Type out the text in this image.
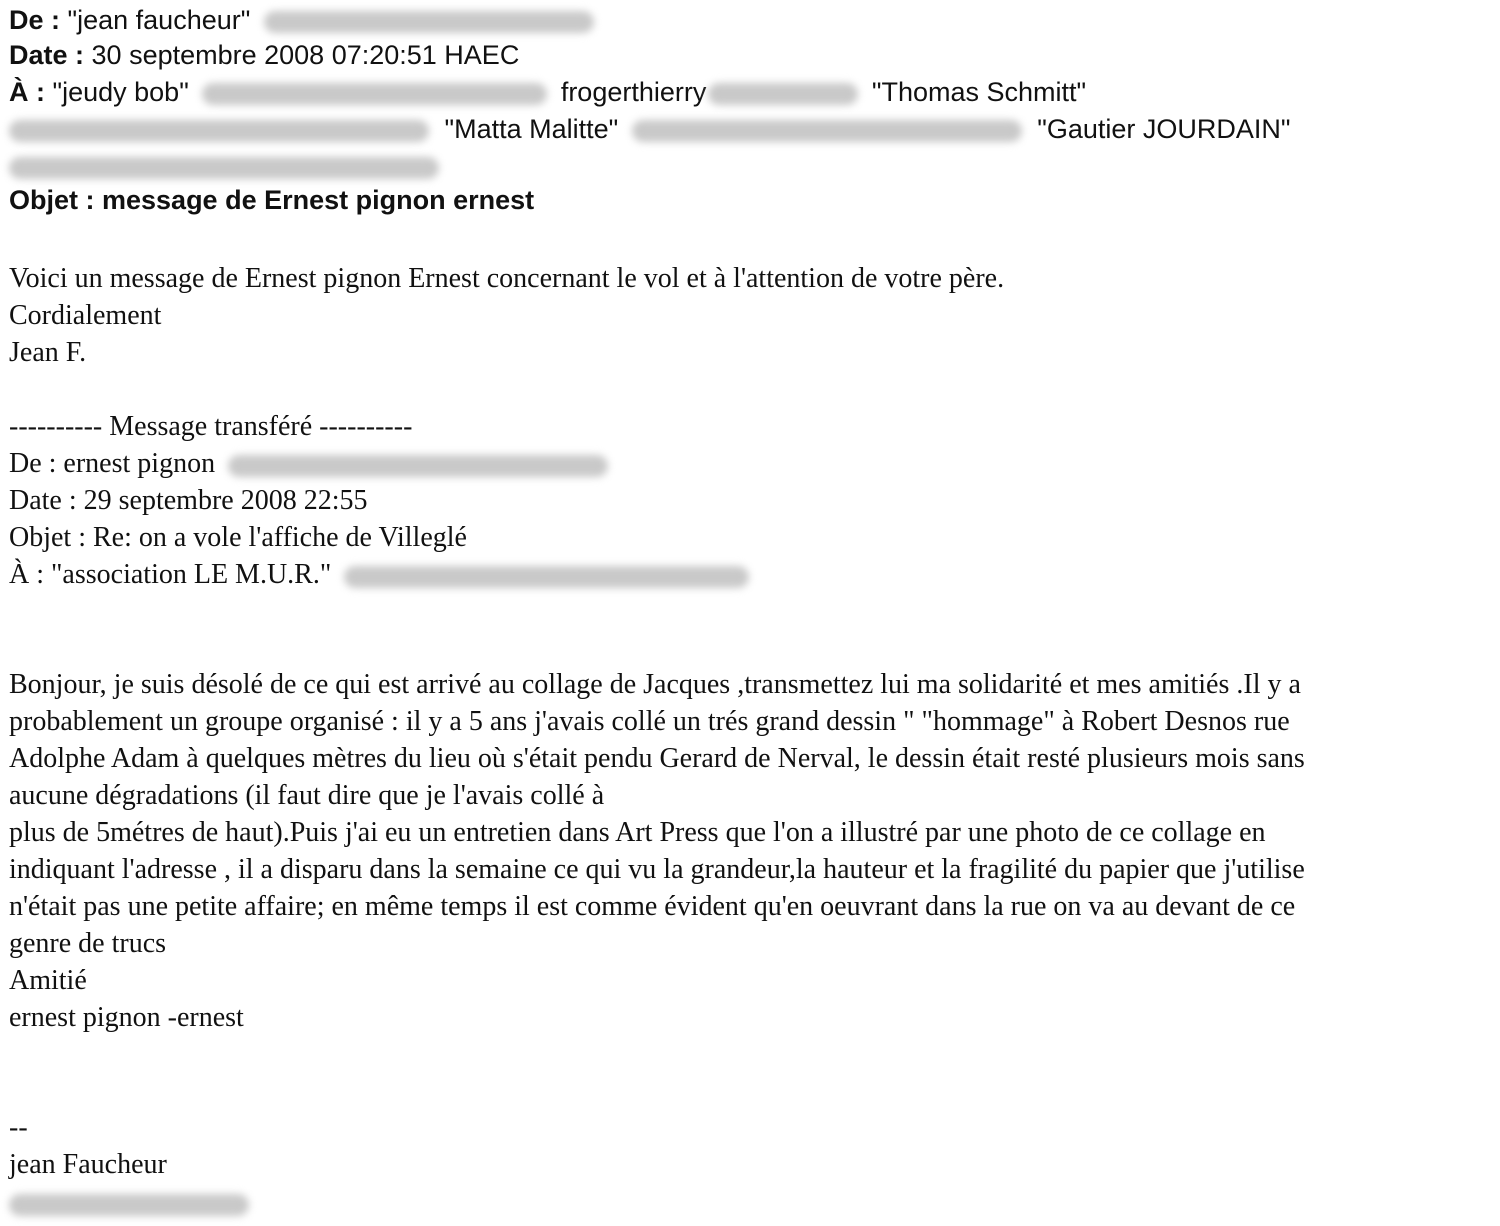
De : "jean faucheur"
Date : 30 septembre 2008 07:20:51 HAEC
À : "jeudy bob"	frogerthierry	"Thomas Schmitt"
"Matta Malitte"	"Gautier JOURDAIN"
Objet : message de Ernest pignon ernest
Voici un message de Ernest pignon Ernest concernant le vol et à l'attention de votre père.
Cordialement
Jean F.
---------- Message transféré ----------
De : ernest pignon
Date : 29 septembre 2008 22:55
Objet : Re: on a vole l'affiche de Villeglé
À : "association LE M.U.R."
Bonjour, je suis désolé de ce qui est arrivé au collage de Jacques ,transmettez lui ma solidarité et mes amitiés .Il y a
probablement un groupe organisé : il y a 5 ans j'avais collé un trés grand dessin " "hommage" à Robert Desnos rue
Adolphe Adam à quelques mètres du lieu où s'était pendu Gerard de Nerval, le dessin était resté plusieurs mois sans
aucune dégradations (il faut dire que je l'avais collé à
plus de 5métres de haut).Puis j'ai eu un entretien dans Art Press que l'on a illustré par une photo de ce collage en
indiquant l'adresse , il a disparu dans la semaine ce qui vu la grandeur,la hauteur et la fragilité du papier que j'utilise
n'était pas une petite affaire; en même temps il est comme évident qu'en oeuvrant dans la rue on va au devant de ce
genre de trucs
Amitié
ernest pignon -ernest
--
jean Faucheur
